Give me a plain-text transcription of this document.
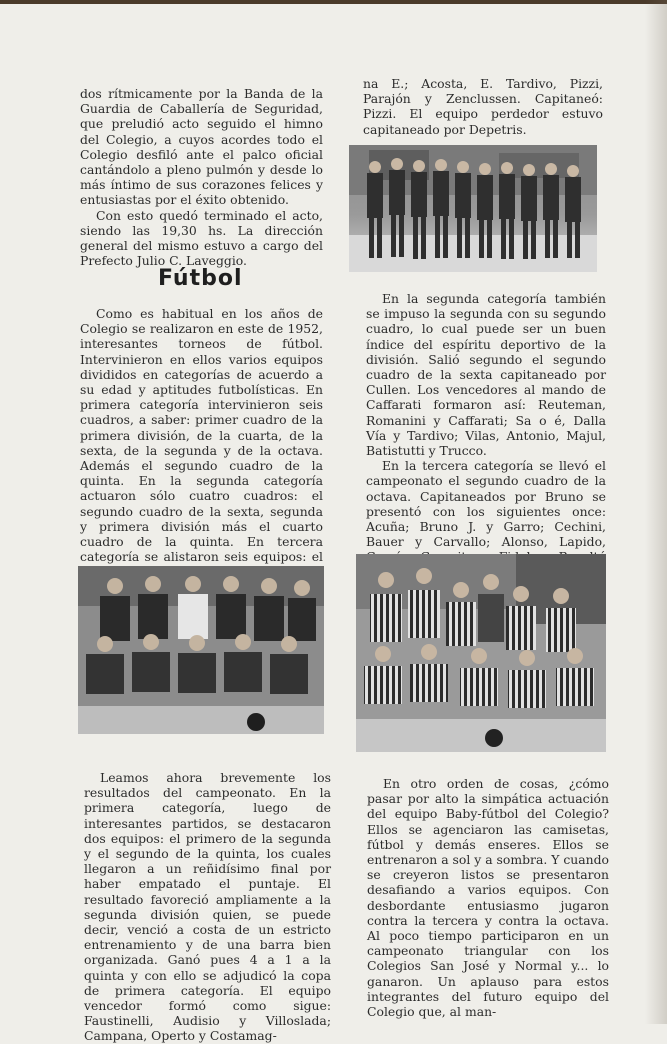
dos rítmicamente por la Banda de la Guardia de Caballería de Seguridad, que preludió acto seguido el himno del Colegio, a cuyos acordes todo el Colegio desfiló ante el palco oficial cantándolo a pleno pulmón y desde lo más íntimo de sus corazones felices y entusiastas por el éxito obtenido.

Con esto quedó terminado el acto, siendo las 19,30 hs. La dirección general del mismo estuvo a cargo del Prefecto Julio C. Laveggio.

Fútbol

Como es habitual en los años de Colegio se realizaron en este de 1952, interesantes torneos de fútbol. Intervinieron en ellos varios equipos divididos en categorías de acuerdo a su edad y aptitudes futbolísticas. En primera categoría intervinieron seis cuadros, a saber: primer cuadro de la primera división, de la cuarta, de la sexta, de la segunda y de la octava. Además el segundo cuadro de la quinta. En la segunda categoría actuaron sólo cuatro cuadros: el segundo cuadro de la sexta, segunda y primera división más el cuarto cuadro de la quinta. En tercera categoría se alistaron seis equipos: el

na E.; Acosta, E. Tardivo, Pizzi, Parajón y Zenclussen. Capitaneó: Pizzi. El equipo perdedor estuvo capitaneado por Depetris.

En la segunda categoría también se impuso la segunda con su segundo cuadro, lo cual puede ser un buen índice del espíritu deportivo de la división. Salió segundo el segundo cuadro de la sexta capitaneado por Cullen. Los vencedores al mando de Caffarati formaron así: Reuteman, Romanini y Caffarati; Sa o é, Dalla Vía y Tardivo; Vilas, Antonio, Majul, Batistutti y Trucco.

En la tercera categoría se llevó el campeonato el segundo cuadro de la octava. Capitaneados por Bruno se presentó con los siguientes once: Acuña; Bruno J. y Garro; Cechini, Bauer y Carvallo; Alonso, Lapido,

Leamos ahora brevemente los resultados del campeonato. En la primera categoría, luego de interesantes partidos, se destacaron dos equipos: el primero de la segunda y el segundo de la quinta, los cuales llegaron a un reñidísimo final por haber empatado el puntaje. El resultado favoreció ampliamente a la segunda división quien, se puede decir, venció a costa de un estricto entrenamiento y de una barra bien organizada. Ganó pues 4 a 1 a la quinta y con ello se adjudicó la copa de primera categoría. El equipo vencedor formó como sigue: Faustinelli, Audisio y Villoslada; Campana, Operto y Costamag-

En otro orden de cosas, ¿cómo pasar por alto la simpática actuación del equipo Baby-fútbol del Colegio? Ellos se agenciaron las camisetas, fútbol y demás enseres. Ellos se entrenaron a sol y a sombra. Y cuando se creyeron listos se presentaron desafiando a varios equipos. Con desbordante entusiasmo jugaron contra la tercera y contra la octava. Al poco tiempo participaron en un campeonato triangular con los Colegios San José y Normal y... lo ganaron. Un aplauso para estos integrantes del futuro equipo del Colegio que, al man-
